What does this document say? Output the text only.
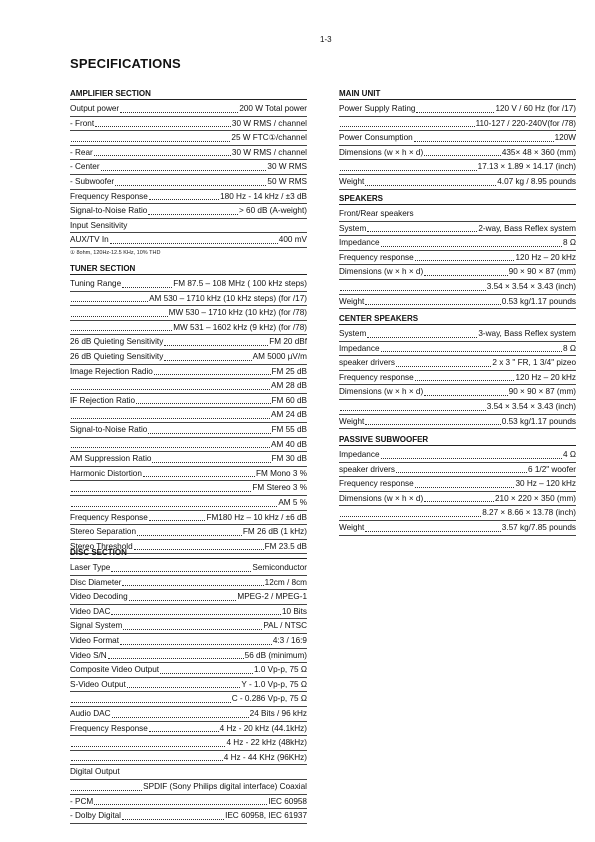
1-3
SPECIFICATIONS
AMPLIFIER SECTION
Output power	200 W Total power
- Front	30 W RMS / channel
25 W FTC①/channel
- Rear	30 W RMS / channel
- Center	30 W RMS
- Subwoofer	50 W RMS
Frequency Response	180 Hz - 14 kHz / ±3 dB
Signal-to-Noise Ratio	> 60 dB (A-weight)
Input Sensitivity
AUX/TV In	400 mV
① 8ohm, 120Hz-12.5 KHz, 10% THD
TUNER SECTION
Tuning Range	FM 87.5 – 108 MHz ( 100 kHz steps)
AM 530 – 1710 kHz (10 kHz steps) (for /17)
MW 530 – 1710 kHz (10 kHz) (for /78)
MW 531 – 1602 kHz (9 kHz) (for /78)
26 dB Quieting Sensitivity	FM 20 dBf
26 dB Quieting Sensitivity	AM 5000 µV/m
Image Rejection Radio	FM 25 dB
AM 28 dB
IF Rejection Ratio	FM 60 dB
AM 24 dB
Signal-to-Noise Ratio	FM 55 dB
AM 40 dB
AM Suppression Ratio	FM 30 dB
Harmonic Distortion	FM Mono 3 %
FM Stereo 3 %
AM 5 %
Frequency Response	FM180 Hz – 10 kHz / ±6 dB
Stereo Separation	FM 26 dB (1 kHz)
Stereo Threshold	FM 23.5 dB
DISC SECTION
Laser Type	Semiconductor
Disc Diameter	12cm / 8cm
Video Decoding	MPEG-2 / MPEG-1
Video DAC	10 Bits
Signal System	PAL / NTSC
Video Format	4:3 / 16:9
Video S/N	56 dB (minimum)
Composite Video Output	1.0 Vp-p, 75 Ω
S-Video Output	Y - 1.0 Vp-p, 75 Ω
C - 0.286 Vp-p, 75 Ω
Audio DAC	24 Bits / 96 kHz
Frequency Response	4 Hz - 20 kHz (44.1kHz)
4 Hz - 22 kHz (48kHz)
4 Hz - 44 KHz (96KHz)
Digital Output
SPDIF (Sony Philips digital interface) Coaxial
- PCM	IEC 60958
- Dolby Digital	IEC 60958, IEC 61937
MAIN UNIT
Power Supply Rating	120 V / 60 Hz (for /17)
110-127 / 220-240V(for /78)
Power Consumption	120W
Dimensions (w × h × d)	435× 48 × 360 (mm)
17.13 × 1.89 × 14.17 (inch)
Weight	4.07 kg / 8.95 pounds
SPEAKERS
Front/Rear speakers
System	2-way, Bass Reflex system
Impedance	8 Ω
Frequency response	120 Hz – 20 kHz
Dimensions (w × h × d)	90 × 90 × 87 (mm)
3.54 × 3.54 × 3.43 (inch)
Weight	0.53 kg/1.17 pounds
CENTER SPEAKERS
System	3-way, Bass Reflex system
Impedance	8 Ω
speaker drivers	2 x 3 " FR, 1 3/4" pizeo
Frequency response	120 Hz – 20 kHz
Dimensions (w × h × d)	90 × 90 × 87 (mm)
3.54 × 3.54 × 3.43 (inch)
Weight	0.53 kg/1.17 pounds
PASSIVE SUBWOOFER
Impedance	4 Ω
speaker drivers	6 1/2" woofer
Frequency response	30 Hz – 120 kHz
Dimensions (w × h × d)	210 × 220 × 350 (mm)
8.27 × 8.66 × 13.78 (inch)
Weight	3.57 kg/7.85 pounds
